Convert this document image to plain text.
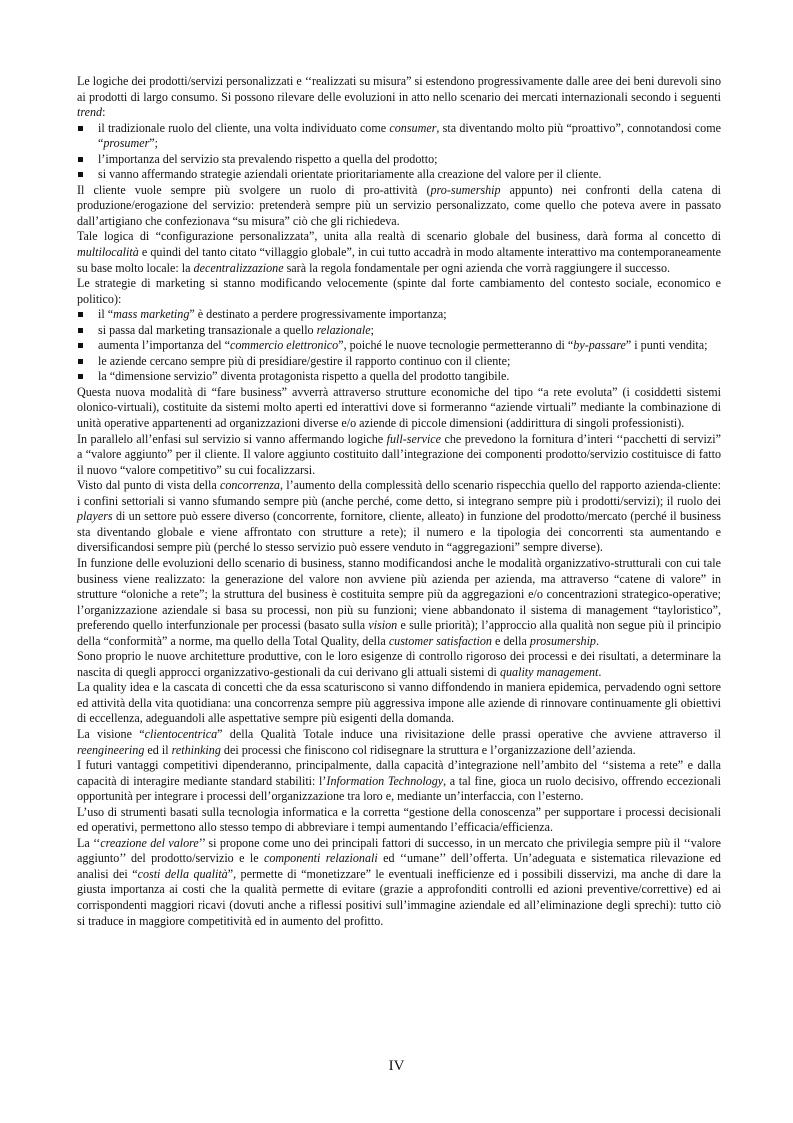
Le logiche dei prodotti/servizi personalizzati e ‘‘realizzati su misura” si estendono progressivamente dalle aree dei beni durevoli sino ai prodotti di largo consumo. Si possono rilevare delle evoluzioni in atto nello scenario dei mercati internazionali secondo i seguenti trend:

il tradizionale ruolo del cliente, una volta individuato come consumer, sta diventando molto più “proattivo”, connotandosi come “prosumer”;
l’importanza del servizio sta prevalendo rispetto a quella del prodotto;
si vanno affermando strategie aziendali orientate prioritariamente alla creazione del valore per il cliente.

Il cliente vuole sempre più svolgere un ruolo di pro-attività (pro-sumership appunto) nei confronti della catena di produzione/erogazione del servizio: pretenderà sempre più un servizio personalizzato, come quello che poteva avere in passato dall’artigiano che confezionava “su misura” ciò che gli richiedeva.

Tale logica di “configurazione personalizzata”, unita alla realtà di scenario globale del business, darà forma al concetto di multilocalità e quindi del tanto citato “villaggio globale”, in cui tutto accadrà in modo altamente interattivo ma contemporaneamente su base molto locale: la decentralizzazione sarà la regola fondamentale per ogni azienda che vorrà raggiungere il successo.

Le strategie di marketing si stanno modificando velocemente (spinte dal forte cambiamento del contesto sociale, economico e politico):

il “mass marketing” è destinato a perdere progressivamente importanza;
si passa dal marketing transazionale a quello relazionale;
aumenta l’importanza del “commercio elettronico”, poiché le nuove tecnologie permetteranno di “by-passare” i punti vendita;
le aziende cercano sempre più di presidiare/gestire il rapporto continuo con il cliente;
la “dimensione servizio” diventa protagonista rispetto a quella del prodotto tangibile.

Questa nuova modalità di “fare business” avverrà attraverso strutture economiche del tipo “a rete evoluta” (i cosiddetti sistemi olonico-virtuali), costituite da sistemi molto aperti ed interattivi dove si formeranno “aziende virtuali” mediante la combinazione di unità operative appartenenti ad organizzazioni diverse e/o aziende di piccole dimensioni (addirittura di singoli professionisti).

In parallelo all’enfasi sul servizio si vanno affermando logiche full-service che prevedono la fornitura d’interi ‘‘pacchetti di servizi” a “valore aggiunto” per il cliente. Il valore aggiunto costituito dall’integrazione dei componenti prodotto/servizio costituisce di fatto il nuovo “valore competitivo” su cui focalizzarsi.

Visto dal punto di vista della concorrenza, l’aumento della complessità dello scenario rispecchia quello del rapporto azienda-cliente: i confini settoriali si vanno sfumando sempre più (anche perché, come detto, si integrano sempre più i prodotti/servizi); il ruolo dei players di un settore può essere diverso (concorrente, fornitore, cliente, alleato) in funzione del prodotto/mercato (perché il business sta diventando globale e viene affrontato con strutture a rete); il numero e la tipologia dei concorrenti sta aumentando e diversificandosi sempre più (perché lo stesso servizio può essere venduto in “aggregazioni” sempre diverse).

In funzione delle evoluzioni dello scenario di business, stanno modificandosi anche le modalità organizzativo-strutturali con cui tale business viene realizzato: la generazione del valore non avviene più azienda per azienda, ma attraverso “catene di valore” in strutture “oloniche a rete”; la struttura del business è costituita sempre più da aggregazioni e/o concentrazioni strategico-operative; l’organizzazione aziendale si basa su processi, non più su funzioni; viene abbandonato il sistema di management “tayloristico”, preferendo quello interfunzionale per processi (basato sulla vision e sulle priorità); l’approccio alla qualità non segue più il principio della “conformità” a norme, ma quello della Total Quality, della customer satisfaction e della prosumership.

Sono proprio le nuove architetture produttive, con le loro esigenze di controllo rigoroso dei processi e dei risultati, a determinare la nascita di quegli approcci organizzativo-gestionali da cui derivano gli attuali sistemi di quality management.

La quality idea e la cascata di concetti che da essa scaturiscono si vanno diffondendo in maniera epidemica, pervadendo ogni settore ed attività della vita quotidiana: una concorrenza sempre più aggressiva impone alle aziende di rinnovare continuamente gli obiettivi di eccellenza, adeguandoli alle aspettative sempre più esigenti della domanda.

La visione “clientocentrica” della Qualità Totale induce una rivisitazione delle prassi operative che avviene attraverso il reengineering ed il rethinking dei processi che finiscono col ridisegnare la struttura e l’organizzazione dell’azienda.

I futuri vantaggi competitivi dipenderanno, principalmente, dalla capacità d’integrazione nell’ambito del ‘‘sistema a rete” e dalla capacità di interagire mediante standard stabiliti: l’Information Technology, a tal fine, gioca un ruolo decisivo, offrendo eccezionali opportunità per integrare i processi dell’organizzazione tra loro e, mediante un’interfaccia, con l’esterno.

L’uso di strumenti basati sulla tecnologia informatica e la corretta “gestione della conoscenza” per supportare i processi decisionali ed operativi, permettono allo stesso tempo di abbreviare i tempi aumentando l’efficacia/efficienza.

La ‘‘creazione del valore’’ si propone come uno dei principali fattori di successo, in un mercato che privilegia sempre più il ‘‘valore aggiunto’’ del prodotto/servizio e le componenti relazionali ed ‘‘umane’’ dell’offerta. Un’adeguata e sistematica rilevazione ed analisi dei “costi della qualità”, permette di “monetizzare” le eventuali inefficienze ed i possibili disservizi, ma anche di dare la giusta importanza ai costi che la qualità permette di evitare (grazie a approfonditi controlli ed azioni preventive/correttive) ed ai corrispondenti maggiori ricavi (dovuti anche a riflessi positivi sull’immagine aziendale ed all’eliminazione degli sprechi): tutto ciò si traduce in maggiore competitività ed in aumento del profitto.

IV
